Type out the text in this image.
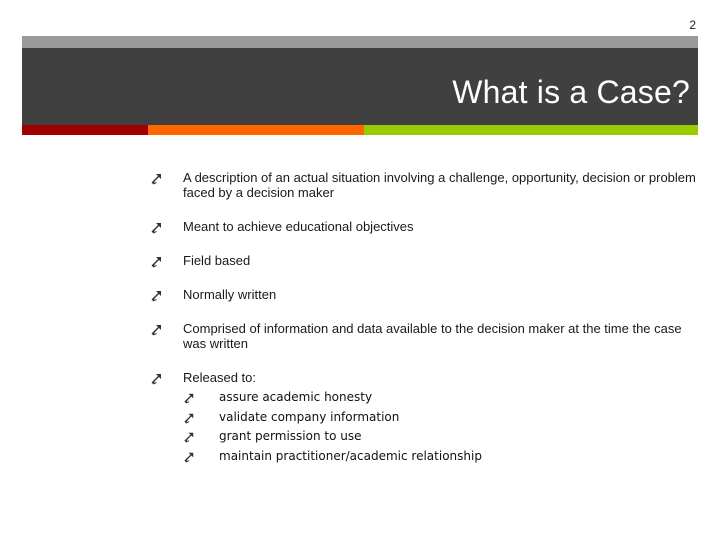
2
What is a Case?
A description of an actual situation involving a challenge, opportunity, decision or problem faced by a decision maker
Meant to achieve educational objectives
Field based
Normally written
Comprised of information and data available to the decision maker at the time the case was written
Released to:
assure academic honesty
validate company information
grant permission to use
maintain practitioner/academic relationship
